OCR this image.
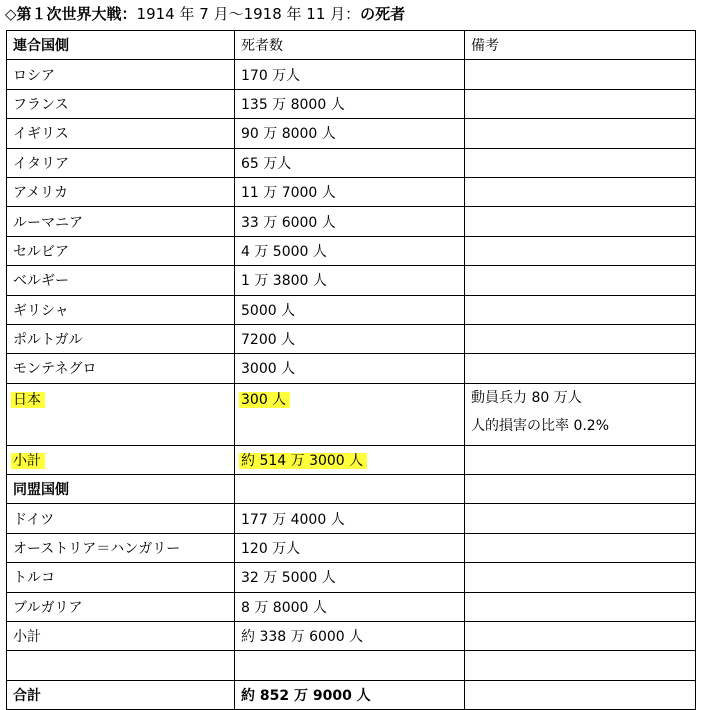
◇第１次世界大戦：1914 年 7 月～1918 年 11 月：の死者
連合国側	死者数	備考
ロシア	170 万人	
フランス	135 万 8000 人	
イギリス	90 万 8000 人	
イタリア	65 万人	
アメリカ	11 万 7000 人	
ルーマニア	33 万 6000 人	
セルビア	4 万 5000 人	
ベルギー	1 万 3800 人	
ギリシャ	5000 人	
ポルトガル	7200 人	
モンテネグロ	3000 人	
日本	300 人	動員兵力 80 万人
人的損害の比率 0.2%

小計	約 514 万 3000 人	
同盟国側		
ドイツ	177 万 4000 人	
オーストリア＝ハンガリー	120 万人	
トルコ	32 万 5000 人	
ブルガリア	8 万 8000 人	
小計	約 338 万 6000 人	

合計	約 852 万 9000 人	
